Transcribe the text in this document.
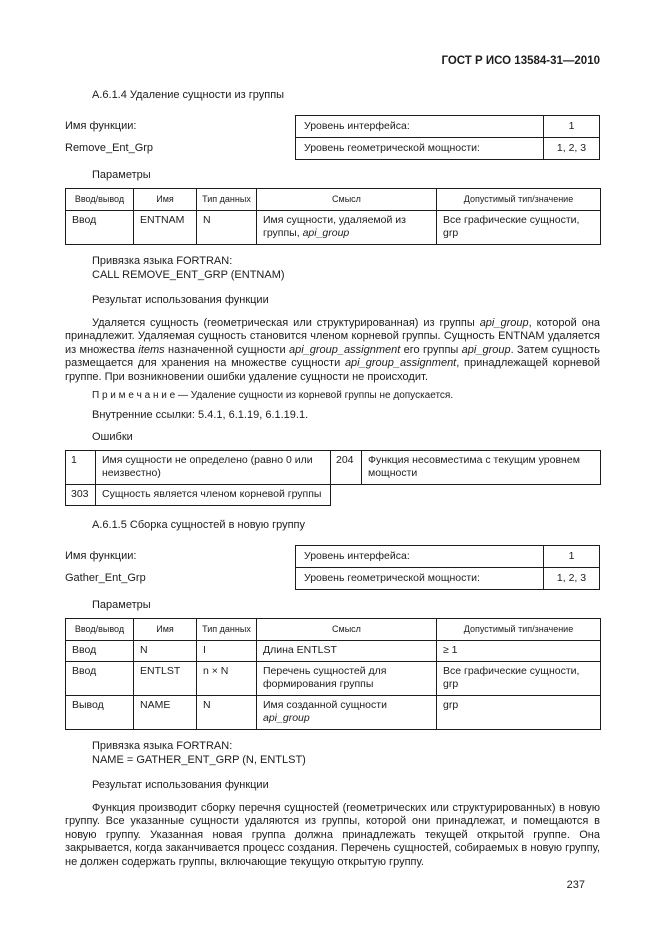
ГОСТ Р ИСО 13584-31—2010
А.6.1.4 Удаление сущности из группы
Имя функции:
Remove_Ent_Grp
Уровень интерфейса:	1
Уровень геометрической мощности:	1, 2, 3
Параметры
Ввод/вывод	Имя	Тип данных	Смысл	Допустимый тип/значение
Ввод	ENTNAM	N	Имя сущности, удаляемой из группы, api_group	Все графические сущности, grp
Привязка языка FORTRAN:
CALL REMOVE_ENT_GRP (ENTNAM)
Результат использования функции

Удаляется сущность (геометрическая или структурированная) из группы api_group, которой она принадлежит. Удаляемая сущность становится членом корневой группы. Сущность ENTNAM удаляется из множества items назначенной сущности api_group_assignment его группы api_group. Затем сущность размещается для хранения на множестве сущности api_group_assignment, принадлежащей корневой группе. При возникновении ошибки удаление сущности не происходит.

П р и м е ч а н и е — Удаление сущности из корневой группы не допускается.

Внутренние ссылки: 5.4.1, 6.1.19, 6.1.19.1.

Ошибки
1	Имя сущности не определено (равно 0 или неизвестно)	204	Функция несовместима с текущим уровнем мощности
303	Сущность является членом корневой группы		
А.6.1.5 Сборка сущностей в новую группу
Имя функции:
Gather_Ent_Grp
Уровень интерфейса:	1
Уровень геометрической мощности:	1, 2, 3
Параметры
Ввод/вывод	Имя	Тип данных	Смысл	Допустимый тип/значение
Ввод	N	I	Длина ENTLST	≥ 1
Ввод	ENTLST	n × N	Перечень сущностей для формирования группы	Все графические сущности, grp
Вывод	NAME	N	Имя созданной сущности api_group	grp
Привязка языка FORTRAN:
NAME = GATHER_ENT_GRP (N, ENTLST)
Результат использования функции

Функция производит сборку перечня сущностей (геометрических или структурированных) в новую группу. Все указанные сущности удаляются из группы, которой они принадлежат, и помещаются в новую группу. Указанная новая группа должна принадлежать текущей открытой группе. Она закрывается, когда заканчивается процесс создания. Перечень сущностей, собираемых в новую группу, не должен содержать группы, включающие текущую открытую группу.

237
